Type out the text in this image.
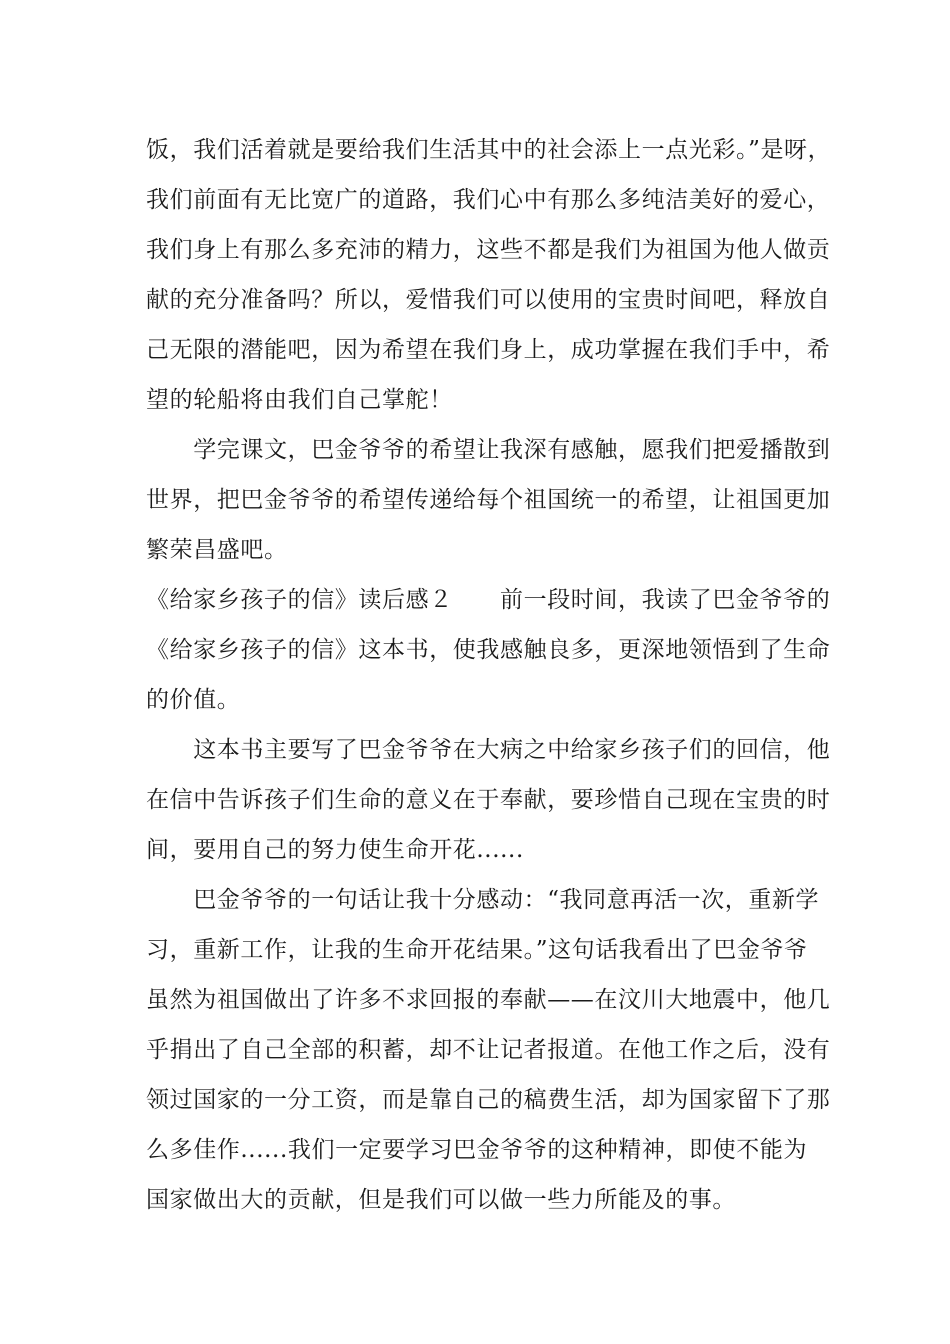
饭，我们活着就是要给我们生活其中的社会添上一点光彩。”是呀，
我们前面有无比宽广的道路，我们心中有那么多纯洁美好的爱心，
我们身上有那么多充沛的精力，这些不都是我们为祖国为他人做贡
献的充分准备吗？所以，爱惜我们可以使用的宝贵时间吧，释放自
己无限的潜能吧，因为希望在我们身上，成功掌握在我们手中，希
望的轮船将由我们自己掌舵！
　　学完课文，巴金爷爷的希望让我深有感触，愿我们把爱播散到
世界，把巴金爷爷的希望传递给每个祖国统一的希望，让祖国更加
繁荣昌盛吧。
《给家乡孩子的信》读后感２　　前一段时间，我读了巴金爷爷的
《给家乡孩子的信》这本书，使我感触良多，更深地领悟到了生命
的价值。
　　这本书主要写了巴金爷爷在大病之中给家乡孩子们的回信，他
在信中告诉孩子们生命的意义在于奉献，要珍惜自己现在宝贵的时
间，要用自己的努力使生命开花......
　　巴金爷爷的一句话让我十分感动：“我同意再活一次，重新学
习，重新工作，让我的生命开花结果。”这句话我看出了巴金爷爷
虽然为祖国做出了许多不求回报的奉献——在汶川大地震中，他几
乎捐出了自己全部的积蓄，却不让记者报道。在他工作之后，没有
领过国家的一分工资，而是靠自己的稿费生活，却为国家留下了那
么多佳作......我们一定要学习巴金爷爷的这种精神，即使不能为
国家做出大的贡献，但是我们可以做一些力所能及的事。
